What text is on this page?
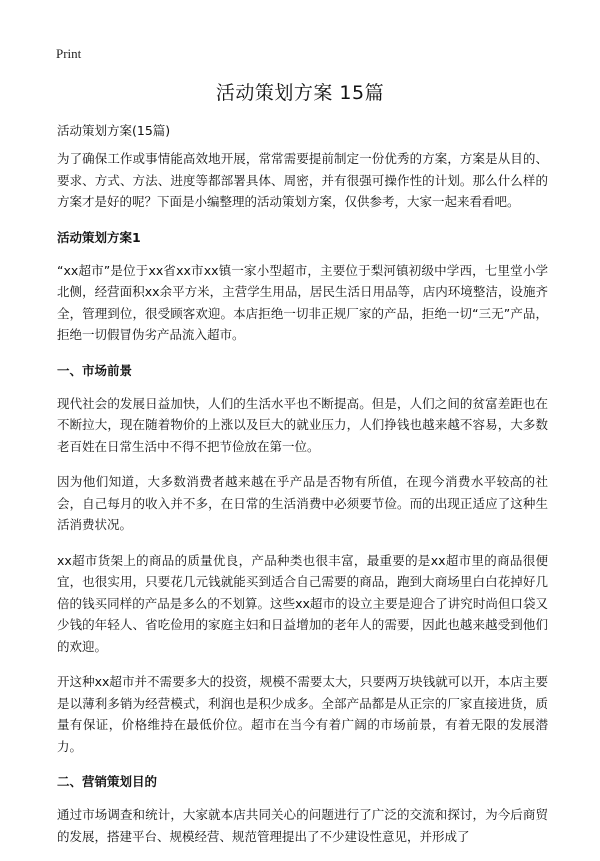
Print
活动策划方案 15篇
活动策划方案(15篇)

为了确保工作或事情能高效地开展，常常需要提前制定一份优秀的方案，方案是从目的、要求、方式、方法、进度等都部署具体、周密，并有很强可操作性的计划。那么什么样的方案才是好的呢？下面是小编整理的活动策划方案，仅供参考，大家一起来看看吧。

活动策划方案1

“xx超市”是位于xx省xx市xx镇一家小型超市，主要位于梨河镇初级中学西，七里堂小学北侧，经营面积xx余平方米，主营学生用品，居民生活日用品等，店内环境整洁，设施齐全，管理到位，很受顾客欢迎。本店拒绝一切非正规厂家的产品，拒绝一切“三无”产品，拒绝一切假冒伪劣产品流入超市。

一、市场前景

现代社会的发展日益加快，人们的生活水平也不断提高。但是，人们之间的贫富差距也在不断拉大，现在随着物价的上涨以及巨大的就业压力，人们挣钱也越来越不容易，大多数老百姓在日常生活中不得不把节俭放在第一位。

因为他们知道，大多数消费者越来越在乎产品是否物有所值，在现今消费水平较高的社会，自己每月的收入并不多，在日常的生活消费中必须要节俭。而的出现正适应了这种生活消费状况。

xx超市货架上的商品的质量优良，产品种类也很丰富，最重要的是xx超市里的商品很便宜，也很实用，只要花几元钱就能买到适合自己需要的商品，跑到大商场里白白花掉好几倍的钱买同样的产品是多么的不划算。这些xx超市的设立主要是迎合了讲究时尚但口袋又少钱的年轻人、省吃俭用的家庭主妇和日益增加的老年人的需要，因此也越来越受到他们的欢迎。

开这种xx超市并不需要多大的投资，规模不需要太大，只要两万块钱就可以开，本店主要是以薄利多销为经营模式，利润也是积少成多。全部产品都是从正宗的厂家直接进货，质量有保证，价格维持在最低价位。超市在当今有着广阔的市场前景，有着无限的发展潜力。

二、营销策划目的

通过市场调查和统计，大家就本店共同关心的问题进行了广泛的交流和探讨，为今后商贸的发展，搭建平台、规模经营、规范管理提出了不少建设性意见，并形成了
